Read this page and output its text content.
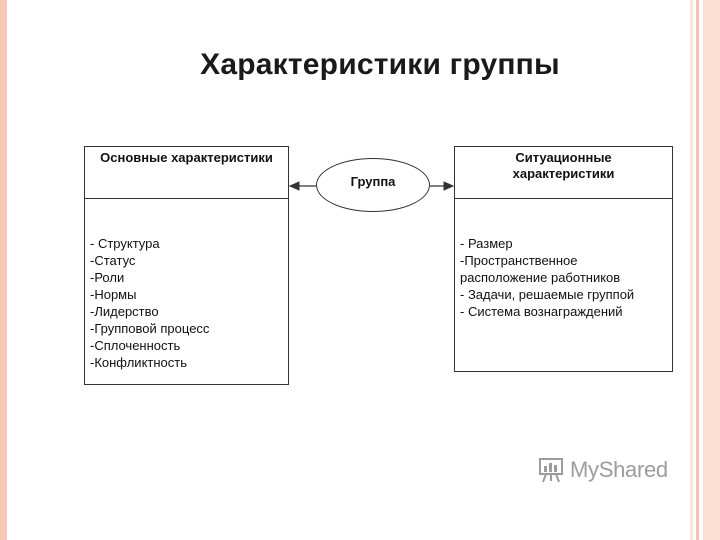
Характеристики группы
Основные характеристики
- Структура
-Статус
-Роли
-Нормы
-Лидерство
-Групповой процесс
-Сплоченность
-Конфликтность
Ситуационные
характеристики
- Размер
-Пространственное
расположение работников
- Задачи, решаемые группой
- Система вознаграждений
Группа
MyShared
